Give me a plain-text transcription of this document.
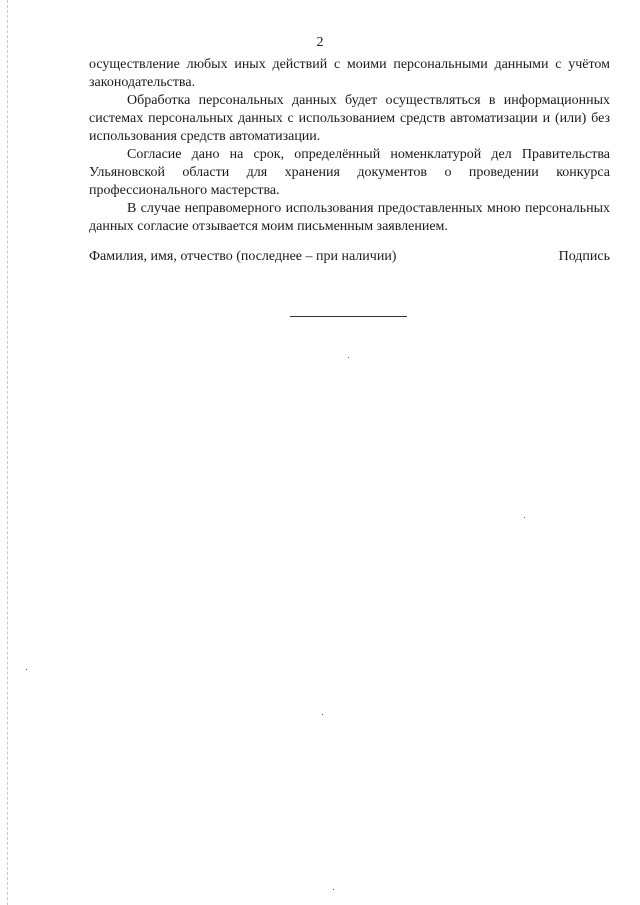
2

осуществление любых иных действий с моими персональными данными с учётом законодательства.

Обработка персональных данных будет осуществляться в информационных системах персональных данных с использованием средств автоматизации и (или) без использования средств автоматизации.

Согласие дано на срок, определённый номенклатурой дел Правительства Ульяновской области для хранения документов о проведении конкурса профессионального мастерства.

В случае неправомерного использования предоставленных мною персональных данных согласие отзывается моим письменным заявлением.

Фамилия, имя, отчество (последнее – при наличии)	Подпись
